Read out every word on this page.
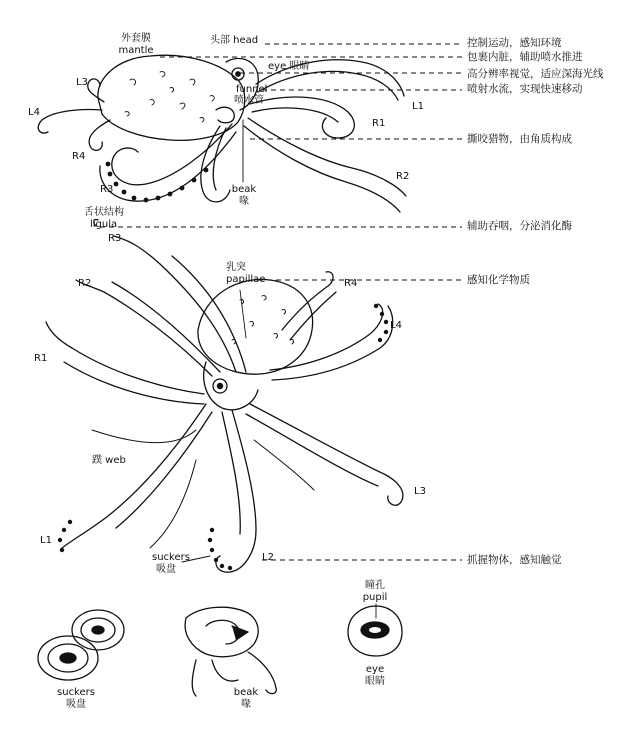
外套膜
mantle
头部 head
eye 眼睛
funnel
喷水管
beak
喙
舌状结构
ligula
L1
L3
L4
R1
R2
R3
R4
R3
乳突
papillae
R2	R4
L4
R1
蹼 web
L3
L1
suckers
吸盘
L2
控制运动，感知环境
包裹内脏，辅助喷水推进
高分辨率视觉，适应深海光线
喷射水流，实现快速移动
撕咬猎物，由角质构成
辅助吞咽，分泌消化酶
感知化学物质
抓握物体，感知触觉
suckers
吸盘
beak
喙
瞳孔
pupil
eye
眼睛
